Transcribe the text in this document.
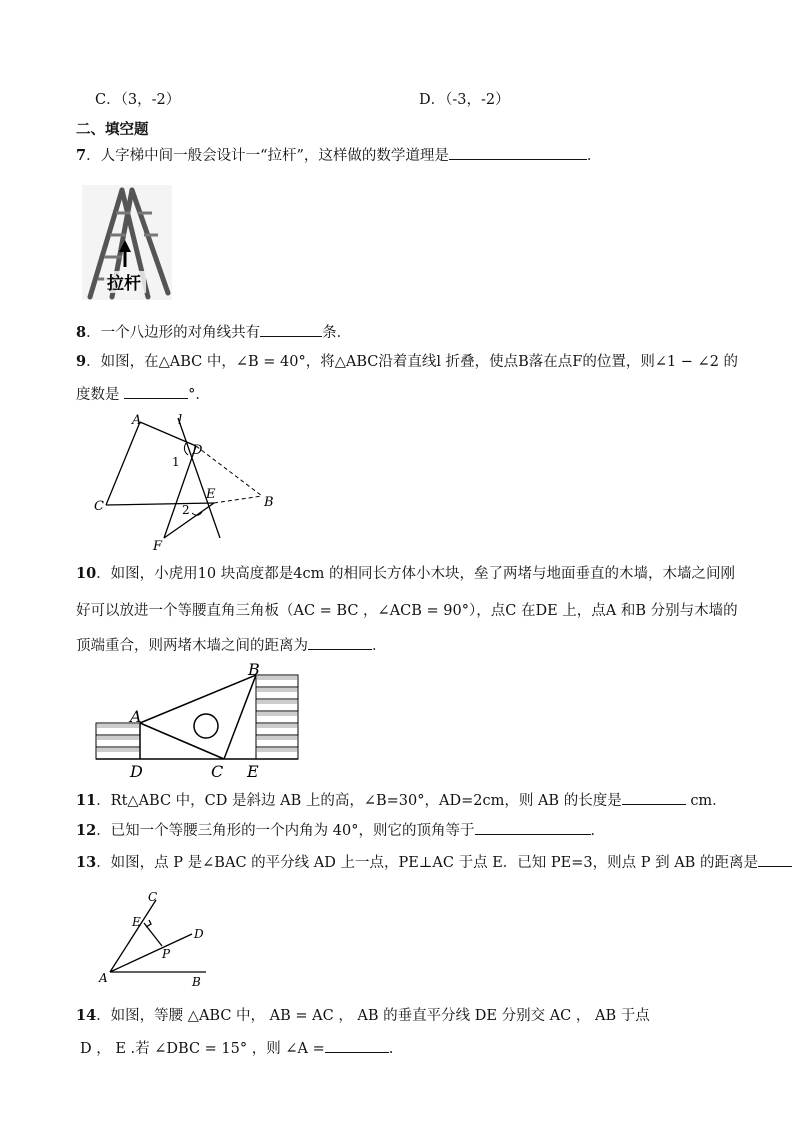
C．（3，-2）	D．（-3，-2）
二、填空题
7．人字梯中间一般会设计一“拉杆”，这样做的数学道理是	．
拉杆
8．一个八边形的对角线共有	条．
9．如图，在△ABC 中，∠B = 40°，将△ABC沿着直线l 折叠，使点B落在点F的位置，则∠1 − ∠2 的
度数是	°．
A	l
D
E
B
C
F
1
2
10．如图，小虎用10 块高度都是4cm 的相同长方体小木块，垒了两堵与地面垂直的木墙，木墙之间刚
好可以放进一个等腰直角三角板（AC = BC ，∠ACB = 90°），点C 在DE 上，点A 和B 分别与木墙的
顶端重合，则两堵木墙之间的距离为	．
A
B
C
D	E
11．Rt△ABC 中，CD 是斜边 AB 上的高，∠B=30°，AD=2cm，则 AB 的长度是	cm．
12．已知一个等腰三角形的一个内角为 40°，则它的顶角等于	．
13．如图，点 P 是∠BAC 的平分线 AD 上一点，PE⊥AC 于点 E．已知 PE=3，则点 P 到 AB 的距离是
C
E
D
P
A	B
14．如图，等腰 △ABC 中， AB = AC ， AB 的垂直平分线 DE 分别交 AC ， AB 于点
D ， E .若 ∠DBC = 15° ，则 ∠A =	.
